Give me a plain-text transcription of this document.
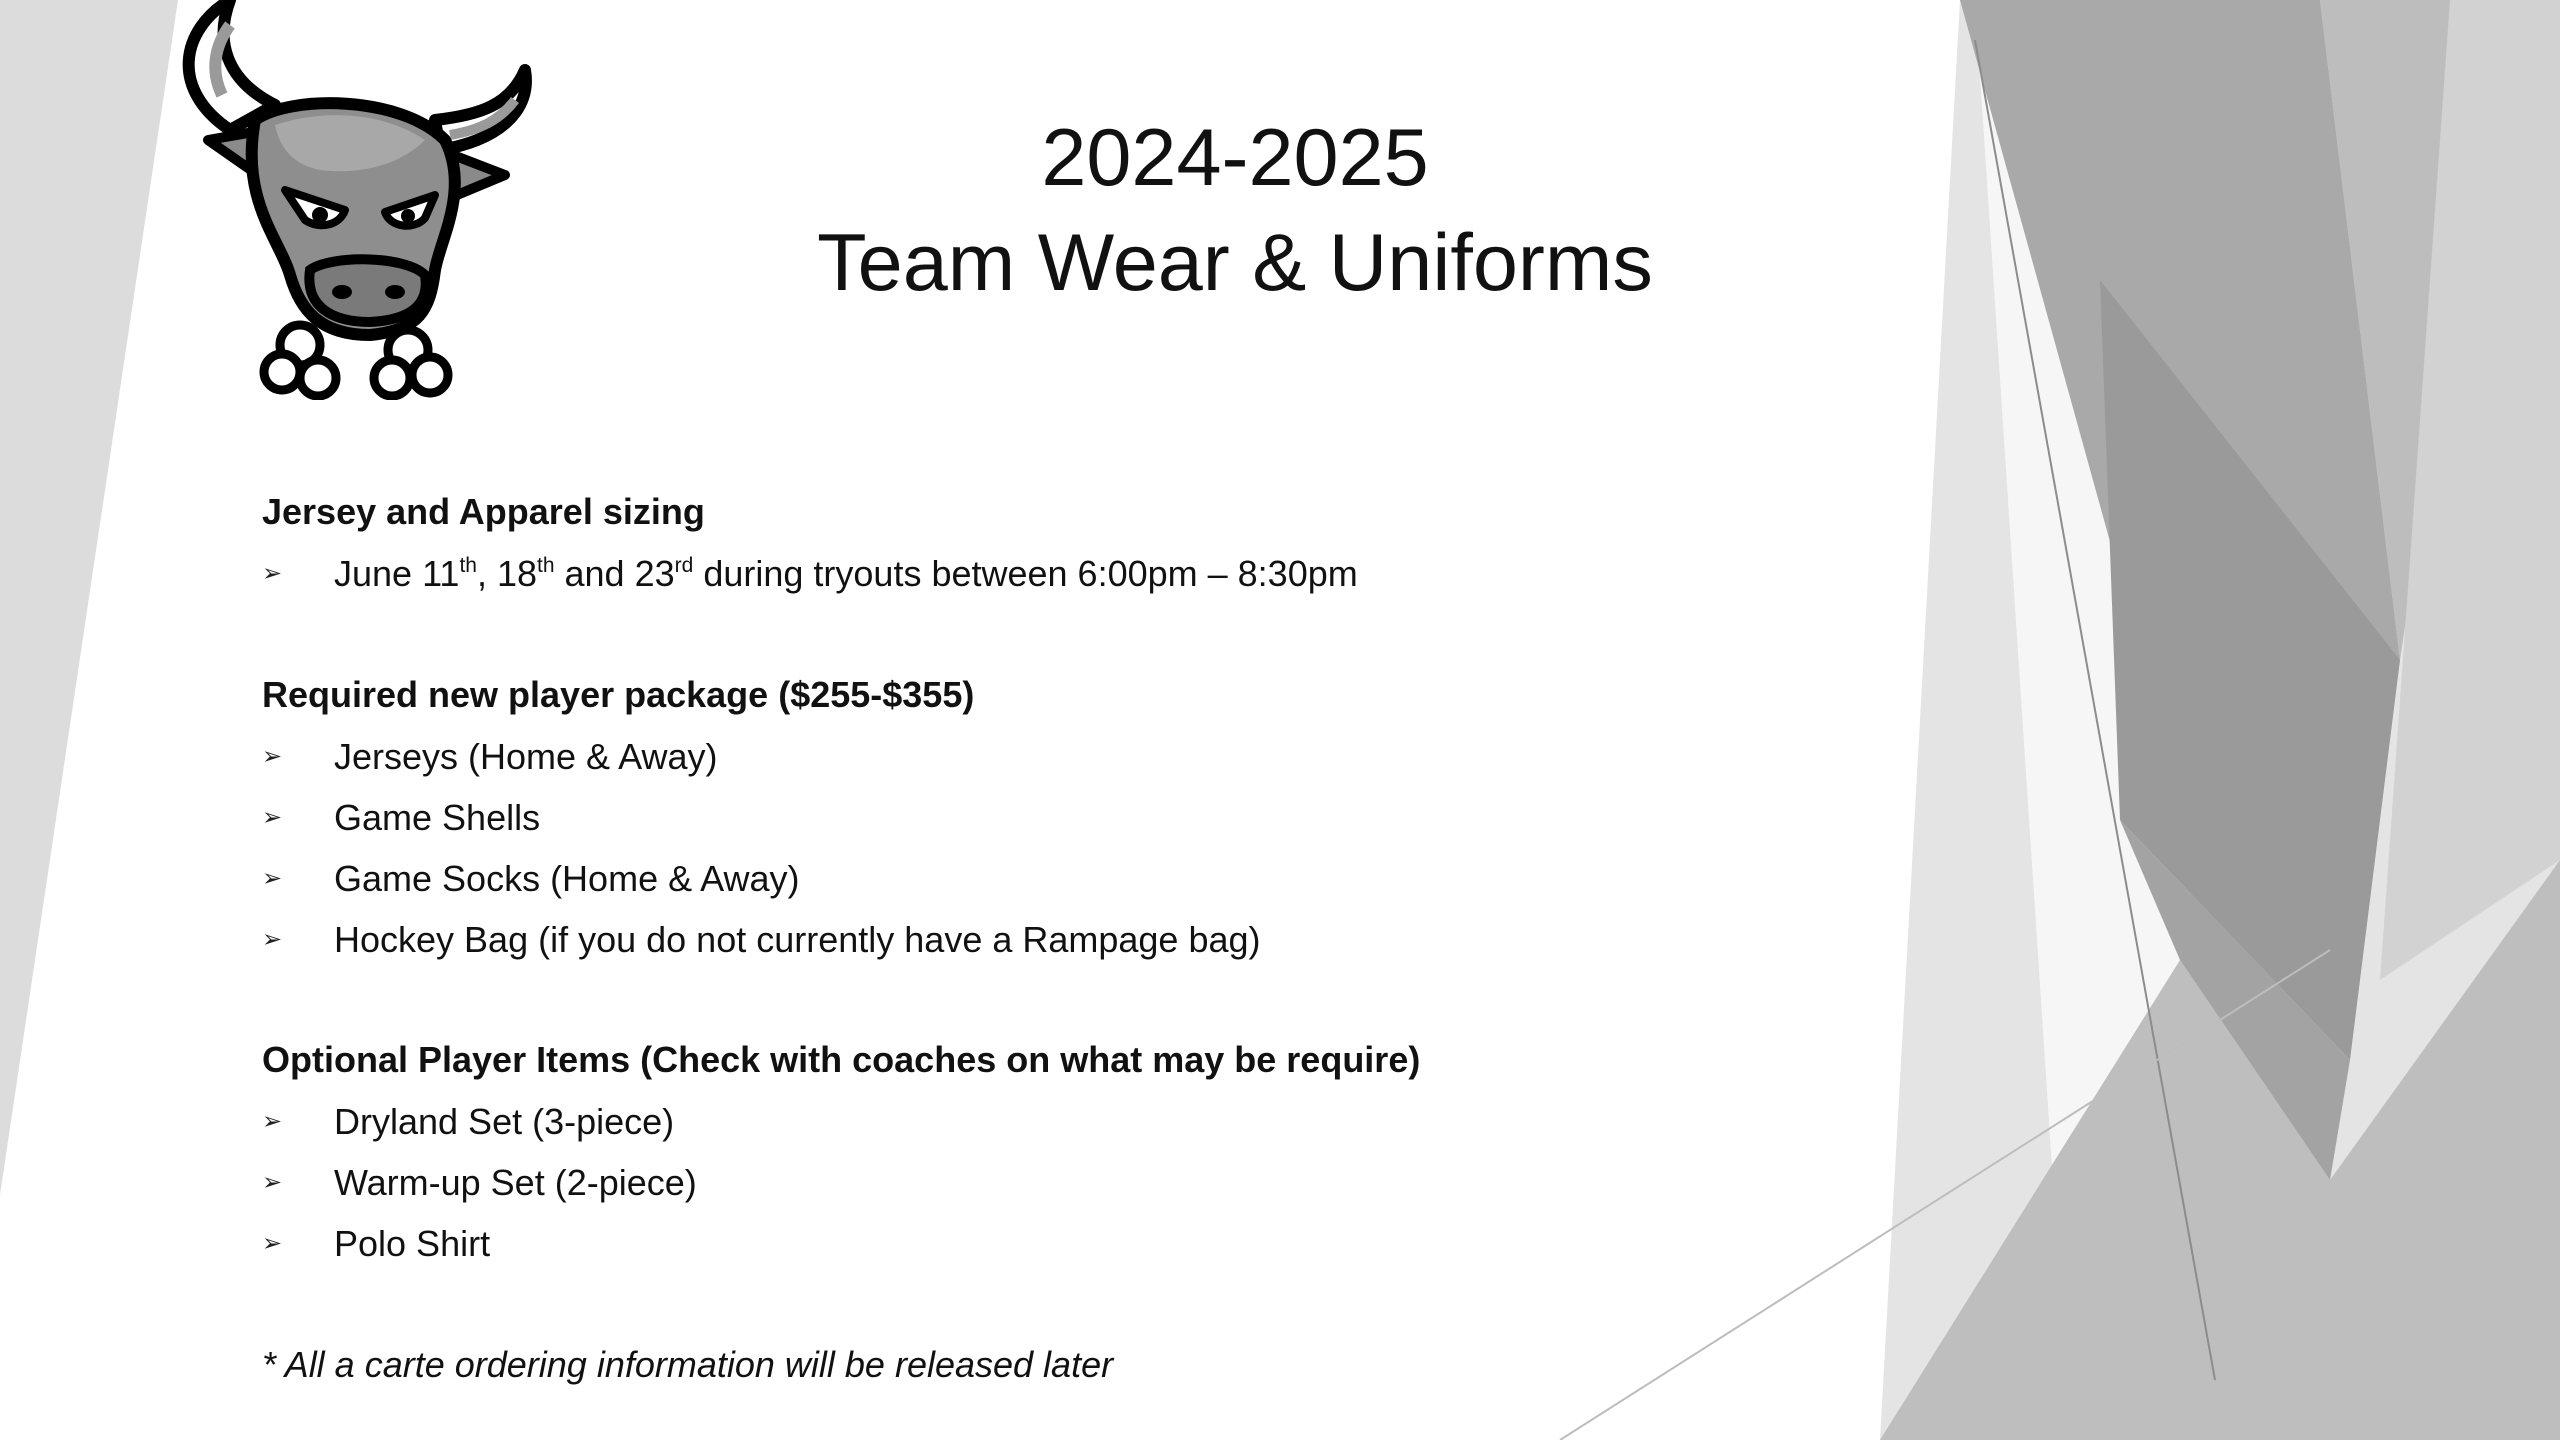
2024-2025
Team Wear & Uniforms
Jersey and Apparel sizing
➢	June 11th, 18th and 23rd during tryouts between 6:00pm – 8:30pm
Required new player package ($255-$355)
➢	Jerseys (Home & Away)
➢	Game Shells
➢	Game Socks (Home & Away)
➢	Hockey Bag (if you do not currently have a Rampage bag)
Optional Player Items (Check with coaches on what may be require)
➢	Dryland Set (3-piece)
➢	Warm-up Set (2-piece)
➢	Polo Shirt
* All a carte ordering information will be released later
